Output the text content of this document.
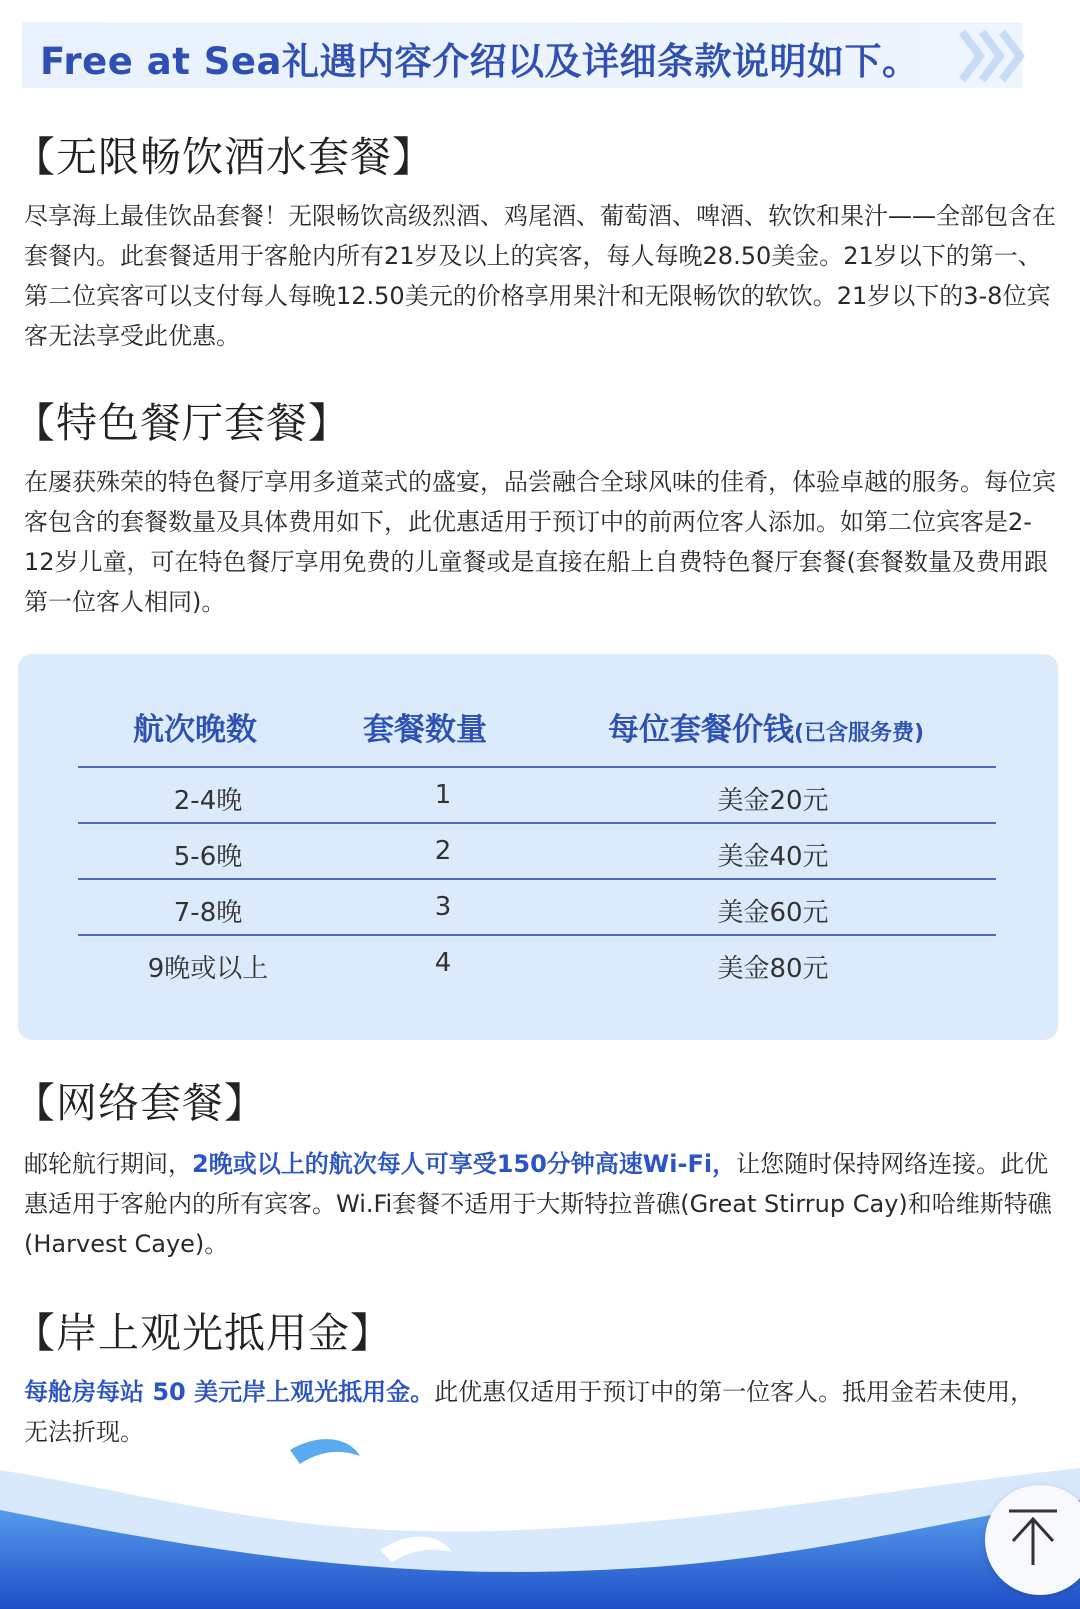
Free at Sea礼遇内容介绍以及详细条款说明如下。
【无限畅饮酒水套餐】
尽享海上最佳饮品套餐！无限畅饮高级烈酒、鸡尾酒、葡萄酒、啤酒、软饮和果汁——全部包含在套餐内。此套餐适用于客舱内所有21岁及以上的宾客，每人每晚28.50美金。21岁以下的第一、第二位宾客可以支付每人每晚12.50美元的价格享用果汁和无限畅饮的软饮。21岁以下的3-8位宾客无法享受此优惠。
【特色餐厅套餐】
在屡获殊荣的特色餐厅享用多道菜式的盛宴，品尝融合全球风味的佳肴，体验卓越的服务。每位宾客包含的套餐数量及具体费用如下，此优惠适用于预订中的前两位客人添加。如第二位宾客是2-12岁儿童，可在特色餐厅享用免费的儿童餐或是直接在船上自费特色餐厅套餐(套餐数量及费用跟第一位客人相同)。
航次晚数	套餐数量	每位套餐价钱(已含服务费)
2-4晚	1	美金20元
5-6晚	2	美金40元
7-8晚	3	美金60元
9晚或以上	4	美金80元
【网络套餐】
邮轮航行期间，2晚或以上的航次每人可享受150分钟高速Wi-Fi，让您随时保持网络连接。此优惠适用于客舱内的所有宾客。Wi.Fi套餐不适用于大斯特拉普礁(Great Stirrup Cay)和哈维斯特礁(Harvest Caye)。
【岸上观光抵用金】
每舱房每站 50 美元岸上观光抵用金。此优惠仅适用于预订中的第一位客人。抵用金若未使用，无法折现。
